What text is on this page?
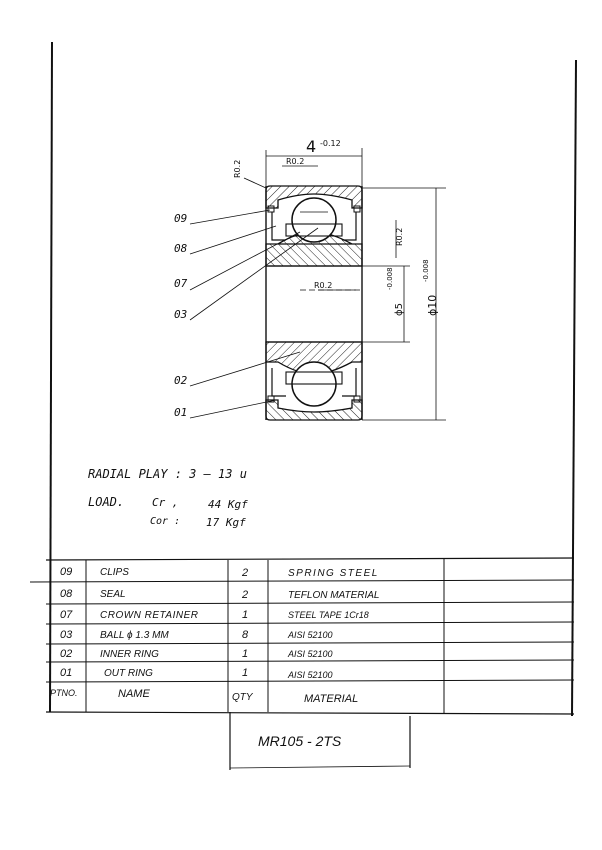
4 -0.12
R0.2	R0.2
R0.2
R0.2
ϕ5
-0.008
ϕ10
-0.008
09
08
07
03
02
01
RADIAL PLAY : 3 — 13 u
LOAD.	Cr ,	44 Kgf
Cor : 17 Kgf
09	CLIPS	2	SPRING STEEL
08	SEAL	2	TEFLON MATERIAL
07	CROWN RETAINER	1	STEEL TAPE 1Cr18
03	BALL ϕ 1.3 MM	8	AISI 52100
02	INNER RING	1	AISI 52100
01	OUT RING	1	AISI 52100
PTNO.	NAME	QTY	MATERIAL
MR105 - 2TS
